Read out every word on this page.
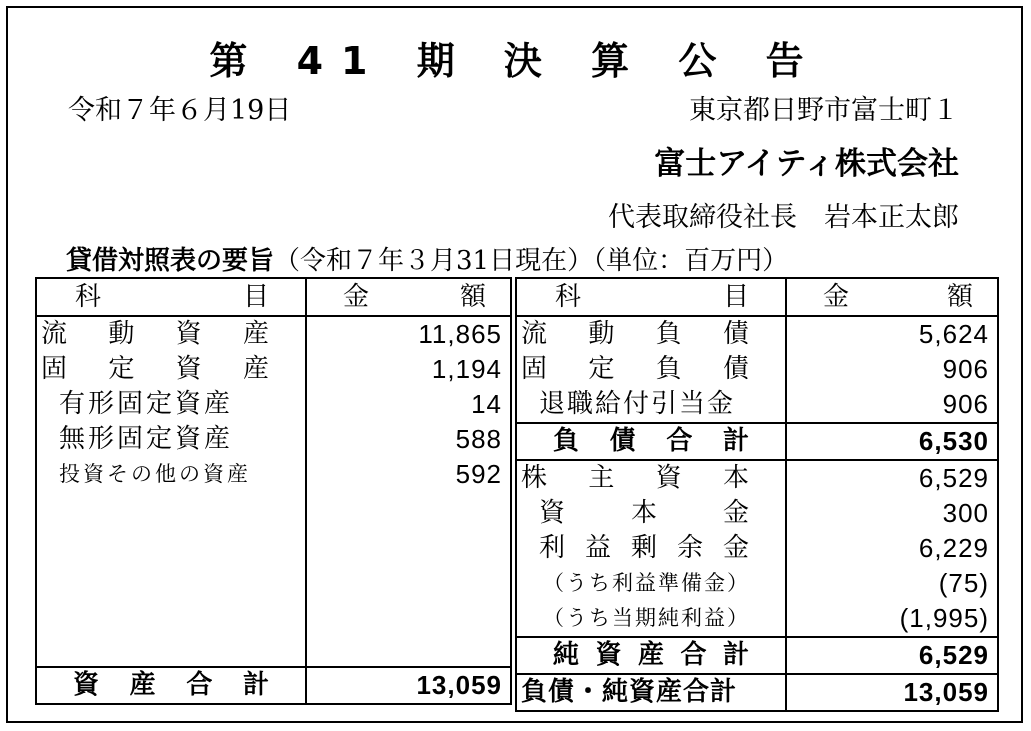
第 41 期 決 算 公 告
令和７年６月19日	東京都日野市富士町１
富士アイティ株式会社
代表取締役社長　岩本正太郎
貸借対照表の要旨（令和７年３月31日現在）（単位：百万円）
科 目	金 額

流 動 資 産	11,865

固 定 資 産	1,194
有形固定資産	14
無形固定資産	588
投資その他の資産	592

資 産 合 計	13,059
科 目	金 額

流 動 負 債	5,624

固 定 負 債	906
退職給付引当金	906

負 債 合 計	6,530

株 主 資 本	6,529

資 本 金	300

利 益 剰 余 金	6,229
（うち利益準備金）	(75)
（うち当期純利益）	(1,995)

純 資 産 合 計	6,529
負債・純資産合計	13,059
